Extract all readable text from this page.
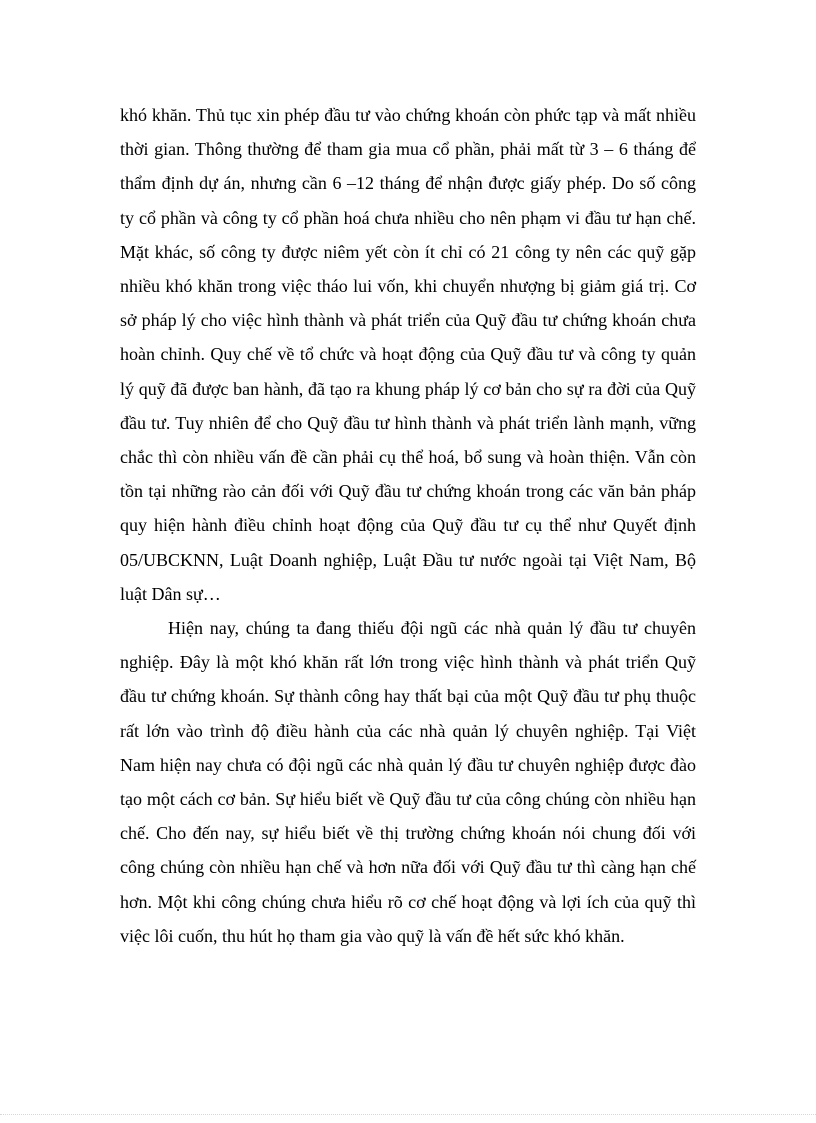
khó khăn. Thủ tục xin phép đầu tư vào chứng khoán còn phức tạp và mất nhiều thời gian. Thông thường để tham gia mua cổ phần, phải mất từ 3 – 6 tháng để thẩm định dự án, nhưng cần 6 –12 tháng để nhận được giấy phép. Do số công ty cổ phần và công ty cổ phần hoá chưa nhiều cho nên phạm vi đầu tư hạn chế. Mặt khác, số công ty được niêm yết còn ít chỉ có 21 công ty nên các quỹ gặp nhiều khó khăn trong việc tháo lui vốn, khi chuyển nhượng bị giảm giá trị. Cơ sở pháp lý cho việc hình thành và phát triển của Quỹ đầu tư chứng khoán chưa hoàn chỉnh. Quy chế về tổ chức và hoạt động của Quỹ đầu tư và công ty quản lý quỹ đã được ban hành, đã tạo ra khung pháp lý cơ bản cho sự ra đời của Quỹ đầu tư. Tuy nhiên để cho Quỹ đầu tư hình thành và phát triển lành mạnh, vững chắc thì còn nhiều vấn đề cần phải cụ thể hoá, bổ sung và hoàn thiện. Vẫn còn tồn tại những rào cản đối với Quỹ đầu tư chứng khoán trong các văn bản pháp quy hiện hành điều chỉnh hoạt động của Quỹ đầu tư cụ thể như Quyết định 05/UBCKNN, Luật Doanh nghiệp, Luật Đầu tư nước ngoài tại Việt Nam, Bộ luật Dân sự…

Hiện nay, chúng ta đang thiếu đội ngũ các nhà quản lý đầu tư chuyên nghiệp. Đây là một khó khăn rất lớn trong việc hình thành và phát triển Quỹ đầu tư chứng khoán. Sự thành công hay thất bại của một Quỹ đầu tư phụ thuộc rất lớn vào trình độ điều hành của các nhà quản lý chuyên nghiệp. Tại Việt Nam hiện nay chưa có đội ngũ các nhà quản lý đầu tư chuyên nghiệp được đào tạo một cách cơ bản. Sự hiểu biết về Quỹ đầu tư của công chúng còn nhiều hạn chế. Cho đến nay, sự hiểu biết về thị trường chứng khoán nói chung đối với công chúng còn nhiều hạn chế và hơn nữa đối với Quỹ đầu tư thì càng hạn chế hơn. Một khi công chúng chưa hiểu rõ cơ chế hoạt động và lợi ích của quỹ thì việc lôi cuốn, thu hút họ tham gia vào quỹ là vấn đề hết sức khó khăn.
